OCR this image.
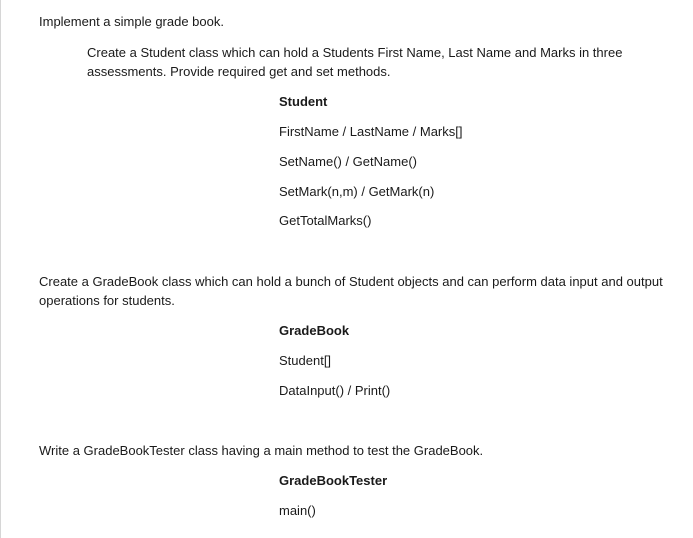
Implement a simple grade book.
Create a Student class which can hold a Students First Name, Last Name and Marks in three assessments. Provide required get and set methods.
Student
FirstName / LastName / Marks[]
SetName() / GetName()
SetMark(n,m) / GetMark(n)
GetTotalMarks()
Create a GradeBook class which can hold a bunch of Student objects and can perform data input and output operations for students.
GradeBook
Student[]
DataInput() / Print()
Write a GradeBookTester class having a main method to test the GradeBook.
GradeBookTester
main()
